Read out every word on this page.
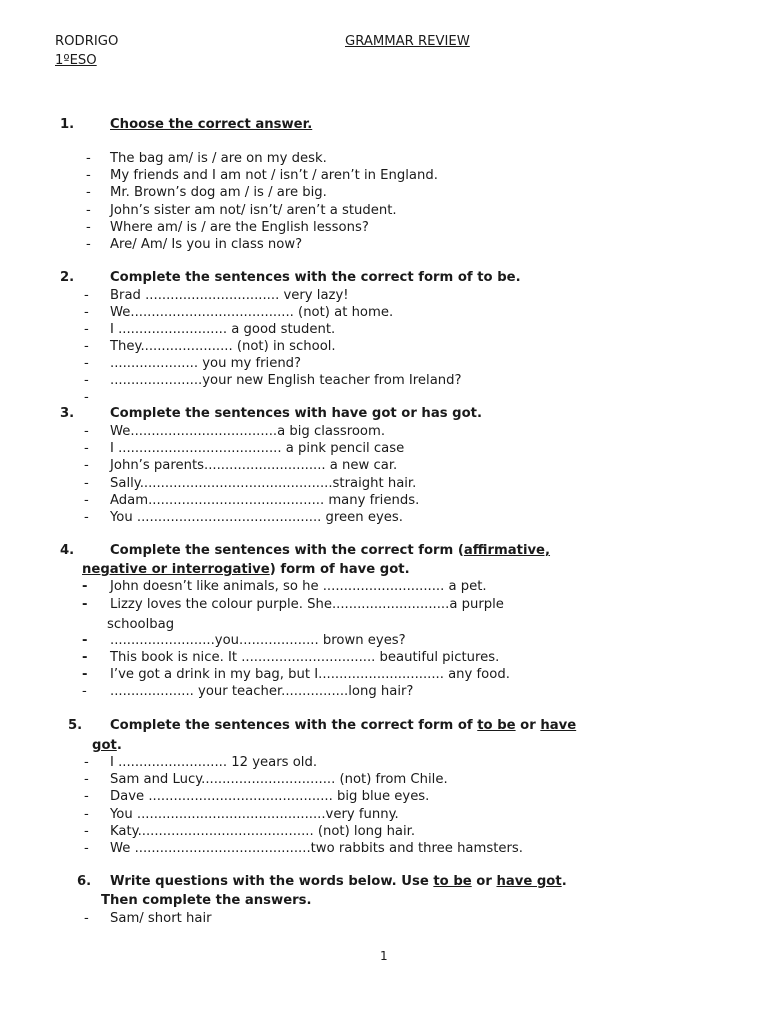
RODRIGO	GRAMMAR REVIEW
1ºESO
1.	Choose the correct answer.
- The bag am/ is / are on my desk.
- My friends and I am not / isn’t / aren’t in England.
- Mr. Brown’s dog am / is / are big.
- John’s sister am not/ isn’t/ aren’t a student.
- Where am/ is / are the English lessons?
- Are/ Am/ Is you in class now?
2.	Complete the sentences with the correct form of to be.
- Brad ................................ very lazy!
- We....................................... (not) at home.
- I .......................... a good student.
- They...................... (not) in school.
- ..................... you my friend?
- ......................your new English teacher from Ireland?
-
3.	Complete the sentences with have got or has got.
- We...................................a big classroom.
- I ....................................... a pink pencil case
- John’s parents............................. a new car.
- Sally..............................................straight hair.
- Adam.......................................... many friends.
- You ............................................ green eyes.
4.	Complete the sentences with the correct form (affirmative,
negative or interrogative) form of have got.
- John doesn’t like animals, so he ............................. a pet.
- Lizzy loves the colour purple. She............................a purple
schoolbag
- .........................you................... brown eyes?
- This book is nice. It ................................ beautiful pictures.
- I’ve got a drink in my bag, but I.............................. any food.
- .................... your teacher................long hair?
5. Complete the sentences with the correct form of to be or have
got.
- I .......................... 12 years old.
- Sam and Lucy................................ (not) from Chile.
- Dave ............................................ big blue eyes.
- You .............................................very funny.
- Katy.......................................... (not) long hair.
- We ..........................................two rabbits and three hamsters.
6. Write questions with the words below. Use to be or have got.
Then complete the answers.
- Sam/ short hair
1
